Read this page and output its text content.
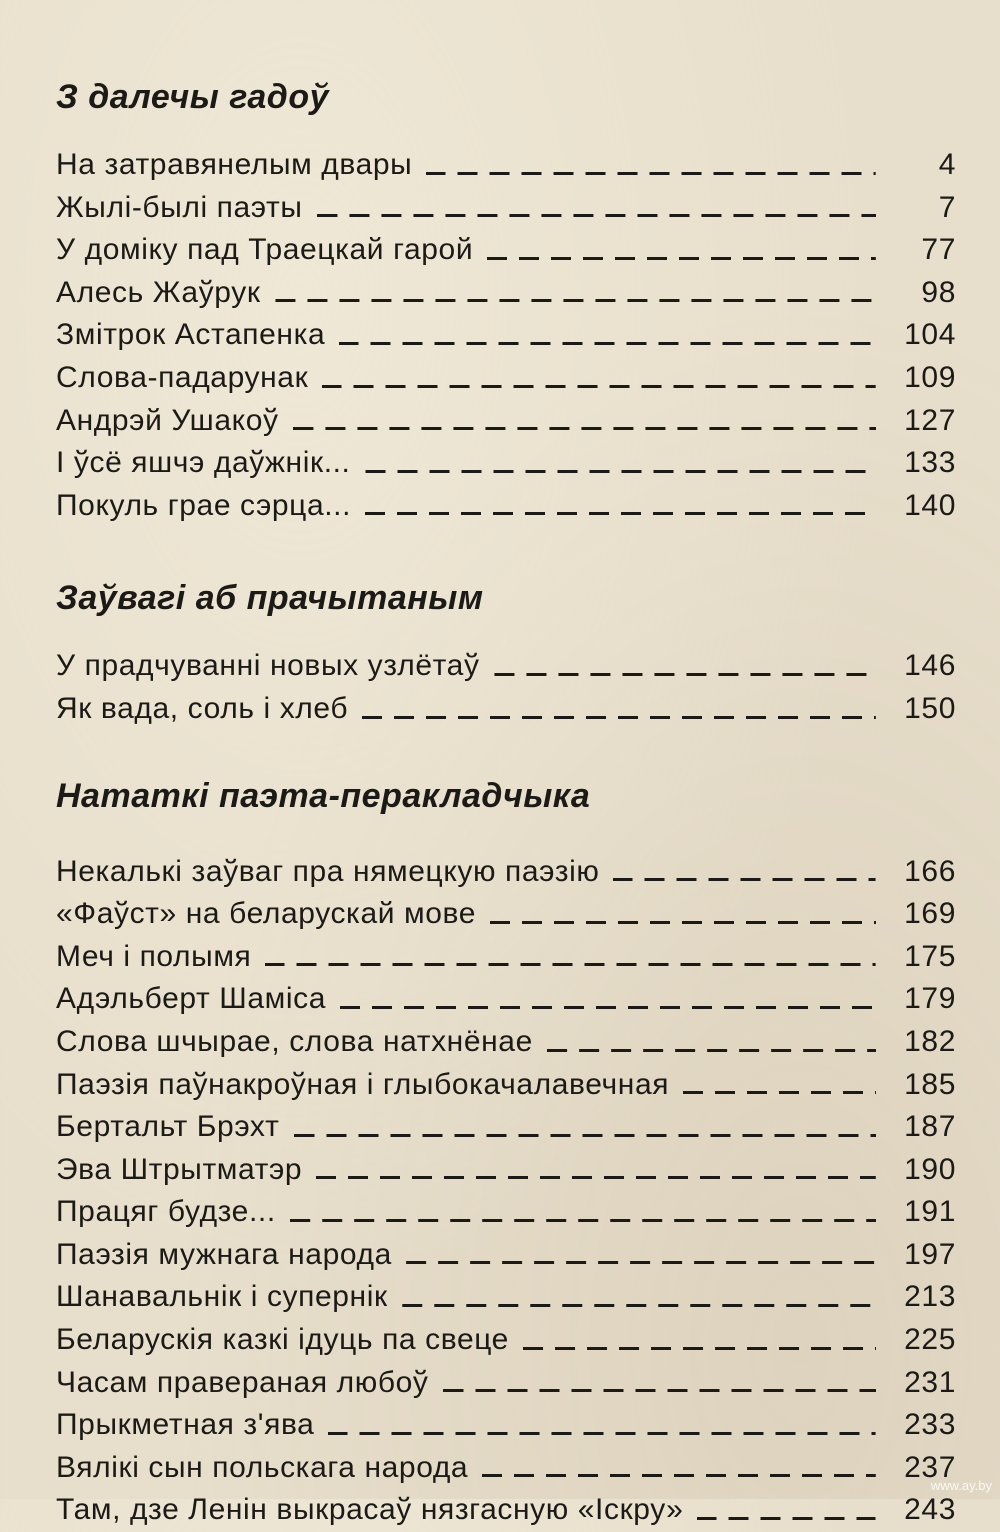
З далечы гадоў
На затравянелым двары	4
Жылі-былі паэты	7
У доміку пад Траецкай гарой	77
Алесь Жаўрук	98
Змітрок Астапенка	104
Слова-падарунак	109
Андрэй Ушакоў	127
І ўсё яшчэ даўжнік...	133
Покуль грае сэрца...	140
Заўвагі аб прачытаным
У прадчуванні новых узлётаў	146
Як вада, соль і хлеб	150
Нататкі паэта-перакладчыка
Некалькі заўваг пра нямецкую паэзію	166
«Фаўст» на беларускай мове	169
Меч і полымя	175
Адэльберт Шаміса	179
Слова шчырае, слова натхнёнае	182
Паэзія паўнакроўная і глыбокачалавечная	185
Бертальт Брэхт	187
Эва Штрытматэр	190
Працяг будзе...	191
Паэзія мужнага народа	197
Шанавальнік і супернік	213
Беларускія казкі ідуць па свеце	225
Часам правераная любоў	231
Прыкметная з'ява	233
Вялікі сын польскага народа	237
Там, дзе Ленін выкрасаў нязгасную «Іскру»	243
www.ay.by
